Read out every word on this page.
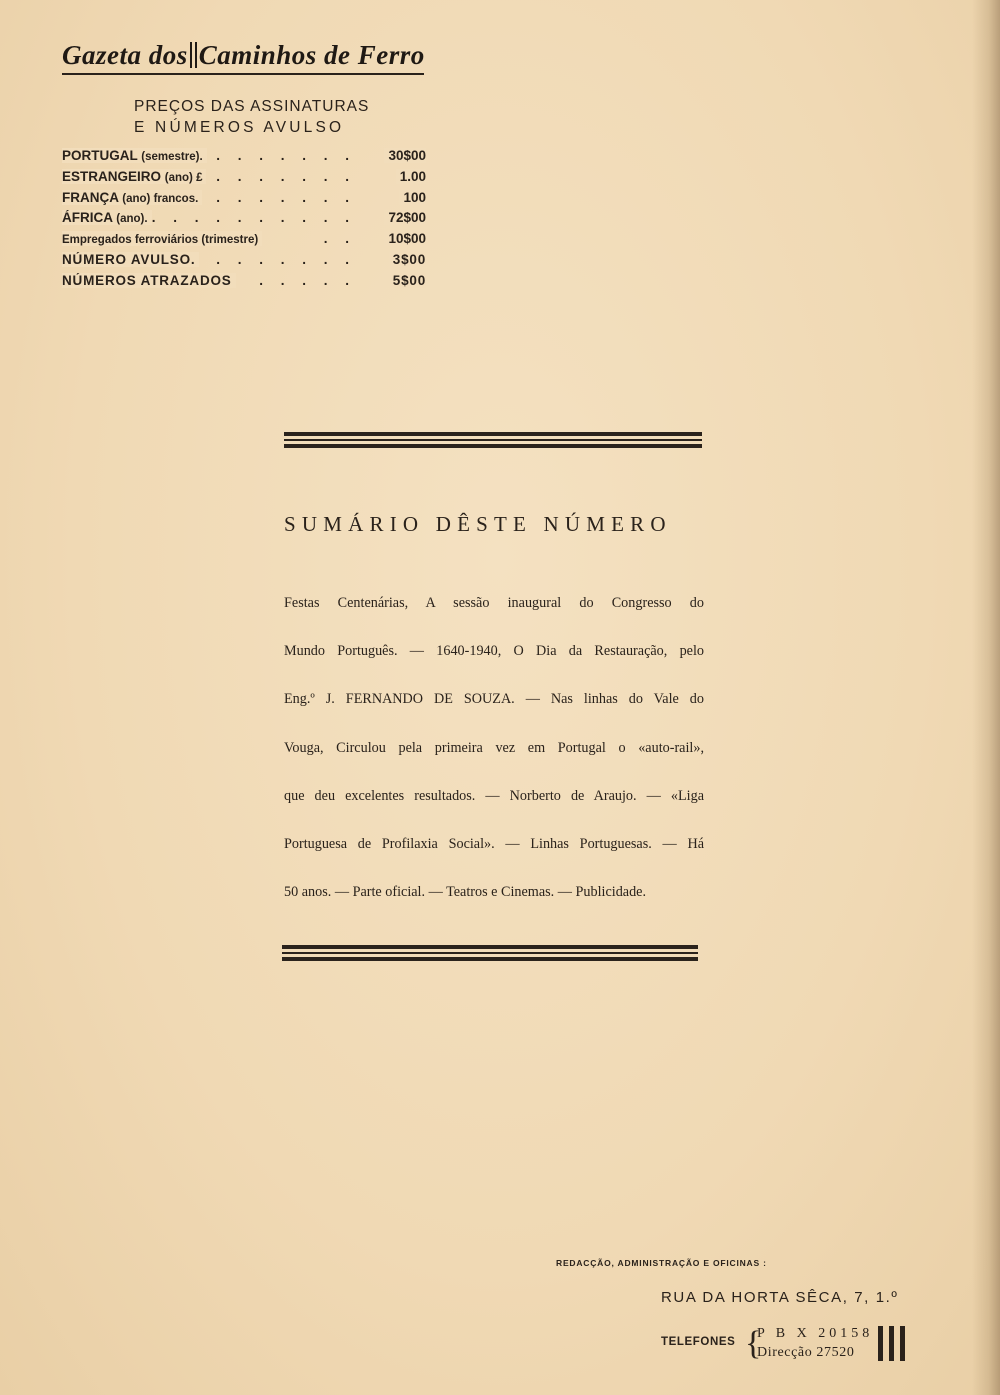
Gazeta dos Caminhos de Ferro
PREÇOS DAS ASSINATURAS
E NÚMEROS AVULSO
. . . . . . .
PORTUGAL (semestre).	30$00
. . . . . . .
ESTRANGEIRO (ano) £	1.00
. . . . . . .
FRANÇA (ano) francos.	100
. . . . . . . . . .
ÁFRICA (ano).	72$00
. .
Empregados ferroviários (trimestre)	10$00
. . . . . . .
NÚMERO AVULSO.	3$00
. . . . .
NÚMEROS ATRAZADOS	5$00
SUMÁRIO DÊSTE NÚMERO
Festas Centenárias, A sessão inaugural do Congresso do
Mundo Português. — 1640-1940, O Dia da Restauração, pelo
Eng.º J. FERNANDO DE SOUZA. — Nas linhas do Vale do
Vouga, Circulou pela primeira vez em Portugal o «auto-rail»,
que deu excelentes resultados. — Norberto de Araujo. — «Liga
Portuguesa de Profilaxia Social». — Linhas Portuguesas. — Há
50 anos. — Parte oficial. — Teatros e Cinemas. — Publicidade.
REDACÇÃO, ADMINISTRAÇÃO E OFICINAS :
RUA DA HORTA SÊCA, 7, 1.º
TELEFONES {
P B X 20158
Direcção 27520
